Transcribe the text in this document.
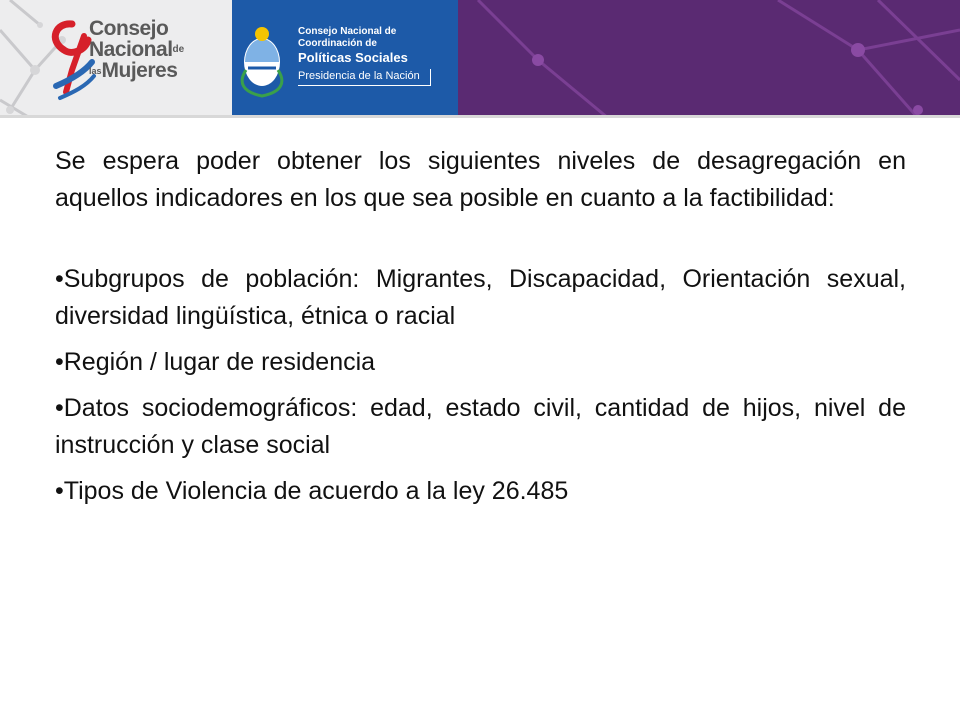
Consejo
Nacional$^{de}$
lasMujeres
Consejo Nacional de
Coordinación de
Políticas Sociales
Presidencia de la Nación

Se espera poder obtener los siguientes niveles de desagregación en aquellos indicadores en los que sea posible en cuanto a la factibilidad:

•Subgrupos de población: Migrantes, Discapacidad, Orientación sexual, diversidad lingüística, étnica o racial

•Región / lugar de residencia

•Datos sociodemográficos: edad, estado civil, cantidad de hijos, nivel de instrucción y clase social

•Tipos de Violencia de acuerdo a la ley 26.485
